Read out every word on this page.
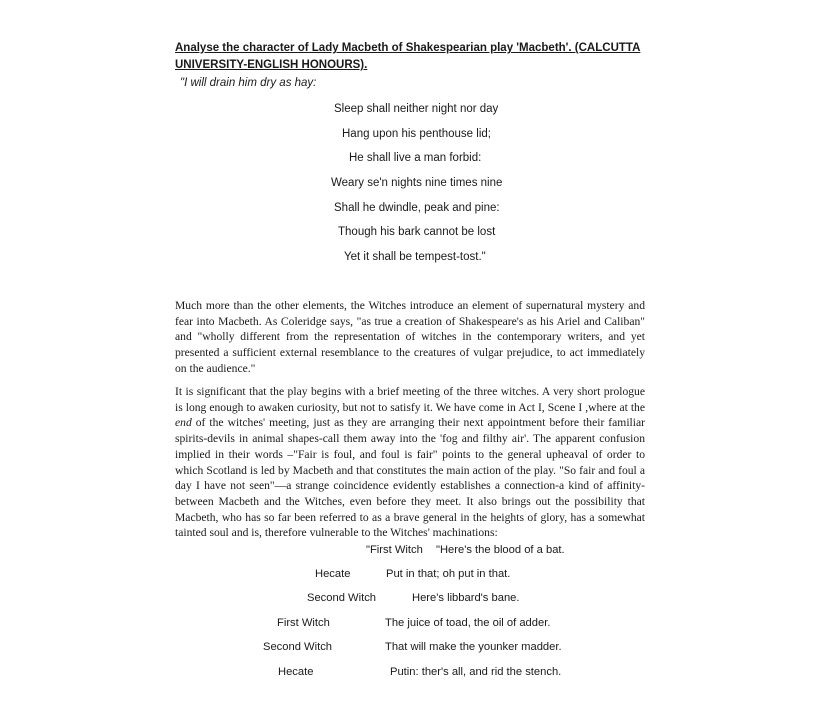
Analyse the character of Lady Macbeth of Shakespearian play 'Macbeth'. (CALCUTTA UNIVERSITY-ENGLISH HONOURS).

"I will drain him dry as hay:

Sleep shall neither night nor day

Hang upon his penthouse lid;

He shall live a man forbid:

Weary se'n nights nine times nine

Shall he dwindle, peak and pine:

Though his bark cannot be lost

Yet it shall be tempest-tost."

Much more than the other elements, the Witches introduce an element of supernatural mystery and fear into Macbeth. As Coleridge says, "as true a creation of Shakespeare's as his Ariel and Caliban" and "wholly different from the representation of witches in the contemporary writers, and yet presented a sufficient external resemblance to the creatures of vulgar prejudice, to act immediately on the audience."

It is significant that the play begins with a brief meeting of the three witches. A very short prologue is long enough to awaken curiosity, but not to satisfy it. We have come in Act I, Scene I ,where at the end of the witches' meeting, just as they are arranging their next appointment before their familiar spirits-devils in animal shapes-call them away into the 'fog and filthy air'. The apparent confusion implied in their words –"Fair is foul, and foul is fair" points to the general upheaval of order to which Scotland is led by Macbeth and that constitutes the main action of the play. "So fair and foul a day I have not seen"—a strange coincidence evidently establishes a connection-a kind of affinity-between Macbeth and the Witches, even before they meet. It also brings out the possibility that Macbeth, who has so far been referred to as a brave general in the heights of glory, has a somewhat tainted soul and is, therefore vulnerable to the Witches' machinations:

"First Witch "Here's the blood of a bat.

Hecate	Put in that; oh put in that.

Second Witch	Here's libbard's bane.

First Witch	The juice of toad, the oil of adder.

Second Witch	That will make the younker madder.

Hecate	Putin: ther's all, and rid the stench.
